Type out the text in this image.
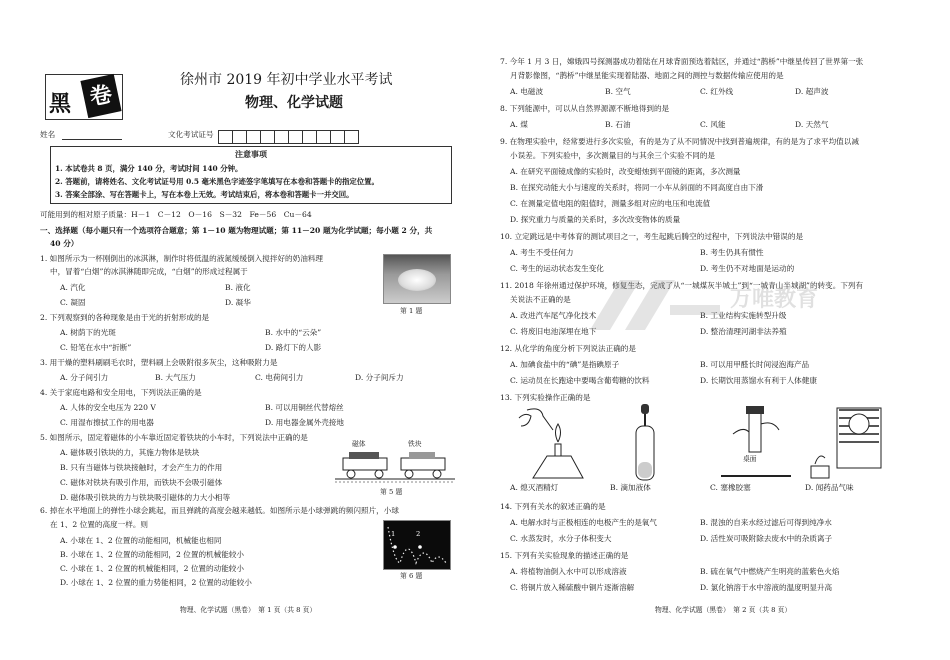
黑 卷
徐州市 2019 年初中学业水平考试
物理、化学试题
姓名	文化考试证号
注意事项
1. 本试卷共 8 页，满分 140 分，考试时间 140 分钟。
2. 答题前，请将姓名、文化考试证号用 0.5 毫米黑色字迹签字笔填写在本卷和答题卡的指定位置。
3. 答案全部涂、写在答题卡上，写在本卷上无效。考试结束后，将本卷和答题卡一并交回。
可能用到的相对原子质量：H－1　C－12　O－16　S－32　Fe－56　Cu－64
一、选择题（每小题只有一个选项符合题意；第 1－10 题为物理试题；第 11－20 题为化学试题；每小题 2 分，共
40 分）
1. 如图所示为一杯刚倒出的冰淇淋，制作时将低温的液氮缓缓倒入搅拌好的奶油料理
中，冒着“白烟”的冰淇淋随即完成，“白烟”的形成过程属于
A. 汽化	B. 液化
C. 凝固	D. 凝华
第 1 题
2. 下列观察到的各种现象是由于光的折射形成的是
A. 树荫下的光斑	B. 水中的“云朵”
C. 铅笔在水中“折断”	D. 路灯下的人影
3. 用干燥的塑料刷刷毛衣时，塑料刷上会吸附很多灰尘，这种吸附力是
A. 分子间引力	B. 大气压力	C. 电荷间引力	D. 分子间斥力
4. 关于家庭电路和安全用电，下列说法正确的是
A. 人体的安全电压为 220 V	B. 可以用铜丝代替熔丝
C. 用湿布擦拭工作的用电器	D. 用电器金属外壳接地
5. 如图所示，固定着磁体的小车靠近固定着铁块的小车时，下列说法中正确的是
A. 磁体吸引铁块的力，其施力物体是铁块
B. 只有当磁体与铁块接触时，才会产生力的作用
C. 磁体对铁块有吸引作用，而铁块不会吸引磁体
D. 磁体吸引铁块的力与铁块吸引磁体的力大小相等
磁体	铁块
第 5 题
6. 掉在水平地面上的弹性小球会跳起，而且弹跳的高度会越来越低。如图所示是小球弹跳的频闪照片，小球
在 1、2 位置的高度一样。则
A. 小球在 1、2 位置的动能相同，机械能也相同
B. 小球在 1、2 位置的动能相同，2 位置的机械能较小
C. 小球在 1、2 位置的机械能相同，2 位置的动能较小
D. 小球在 1、2 位置的重力势能相同，2 位置的动能较小
1	2
第 6 题
物理、化学试题（黑卷）　第 1 页（共 8 页）
7. 今年 1 月 3 日，嫦娥四号探测器成功着陆在月球背面预选着陆区，并通过“鹊桥”中继星传回了世界第一张
月背影像图，“鹊桥”中继星能实现着陆器、地面之间的测控与数据传输应使用的是
A. 电磁波	B. 空气	C. 红外线	D. 超声波
8. 下列能源中，可以从自然界源源不断地得到的是
A. 煤	B. 石油	C. 风能	D. 天然气
9. 在物理实验中，经常要进行多次实验，有的是为了从不同情况中找到普遍规律，有的是为了求平均值以减
小误差。下列实验中，多次测量目的与其余三个实验不同的是
A. 在研究平面镜成像的实验时，改变蜡烛到平面镜的距离，多次测量
B. 在探究动能大小与速度的关系时，将同一小车从斜面的不同高度自由下滑
C. 在测量定值电阻的阻值时，测量多组对应的电压和电流值
D. 探究重力与质量的关系时，多次改变物体的质量
10. 立定跳远是中考体育的测试项目之一，考生起跳后腾空的过程中，下列说法中错误的是
A. 考生不受任何力	B. 考生仍具有惯性
C. 考生的运动状态发生变化	D. 考生仍不对地面是运动的
11. 2018 年徐州通过保护环境，修复生态，完成了从“一城煤灰半城土”到“一城青山半城湖”的转变。下列有
关说法不正确的是
A. 改进汽车尾气净化技术	B. 工业结构实施转型升级
C. 将废旧电池深埋在地下	D. 整治清理河湖非法养殖
12. 从化学的角度分析下列说法正确的是
A. 加碘食盐中的“碘”是指碘原子	B. 可以用甲醛长时间浸泡海产品
C. 运动员在长跑途中要喝含葡萄糖的饮料	D. 长期饮用蒸馏水有利于人体健康
13. 下列实验操作正确的是
桌面
A. 熄灭酒精灯	B. 滴加液体	C. 塞橡胶塞	D. 闻药品气味
14. 下列有关水的叙述正确的是
A. 电解水时与正极相连的电极产生的是氧气	B. 混浊的自来水经过滤后可得到纯净水
C. 水蒸发时，水分子体积变大	D. 活性炭可吸附除去废水中的杂质离子
15. 下列有关实验现象的描述正确的是
A. 将植物油倒入水中可以形成溶液	B. 硫在氧气中燃烧产生明亮的蓝紫色火焰
C. 将铜片放入稀硫酸中铜片逐渐溶解	D. 氯化钠溶于水中溶液的温度明显升高
物理、化学试题（黑卷）　第 2 页（共 8 页）
万唯教育
